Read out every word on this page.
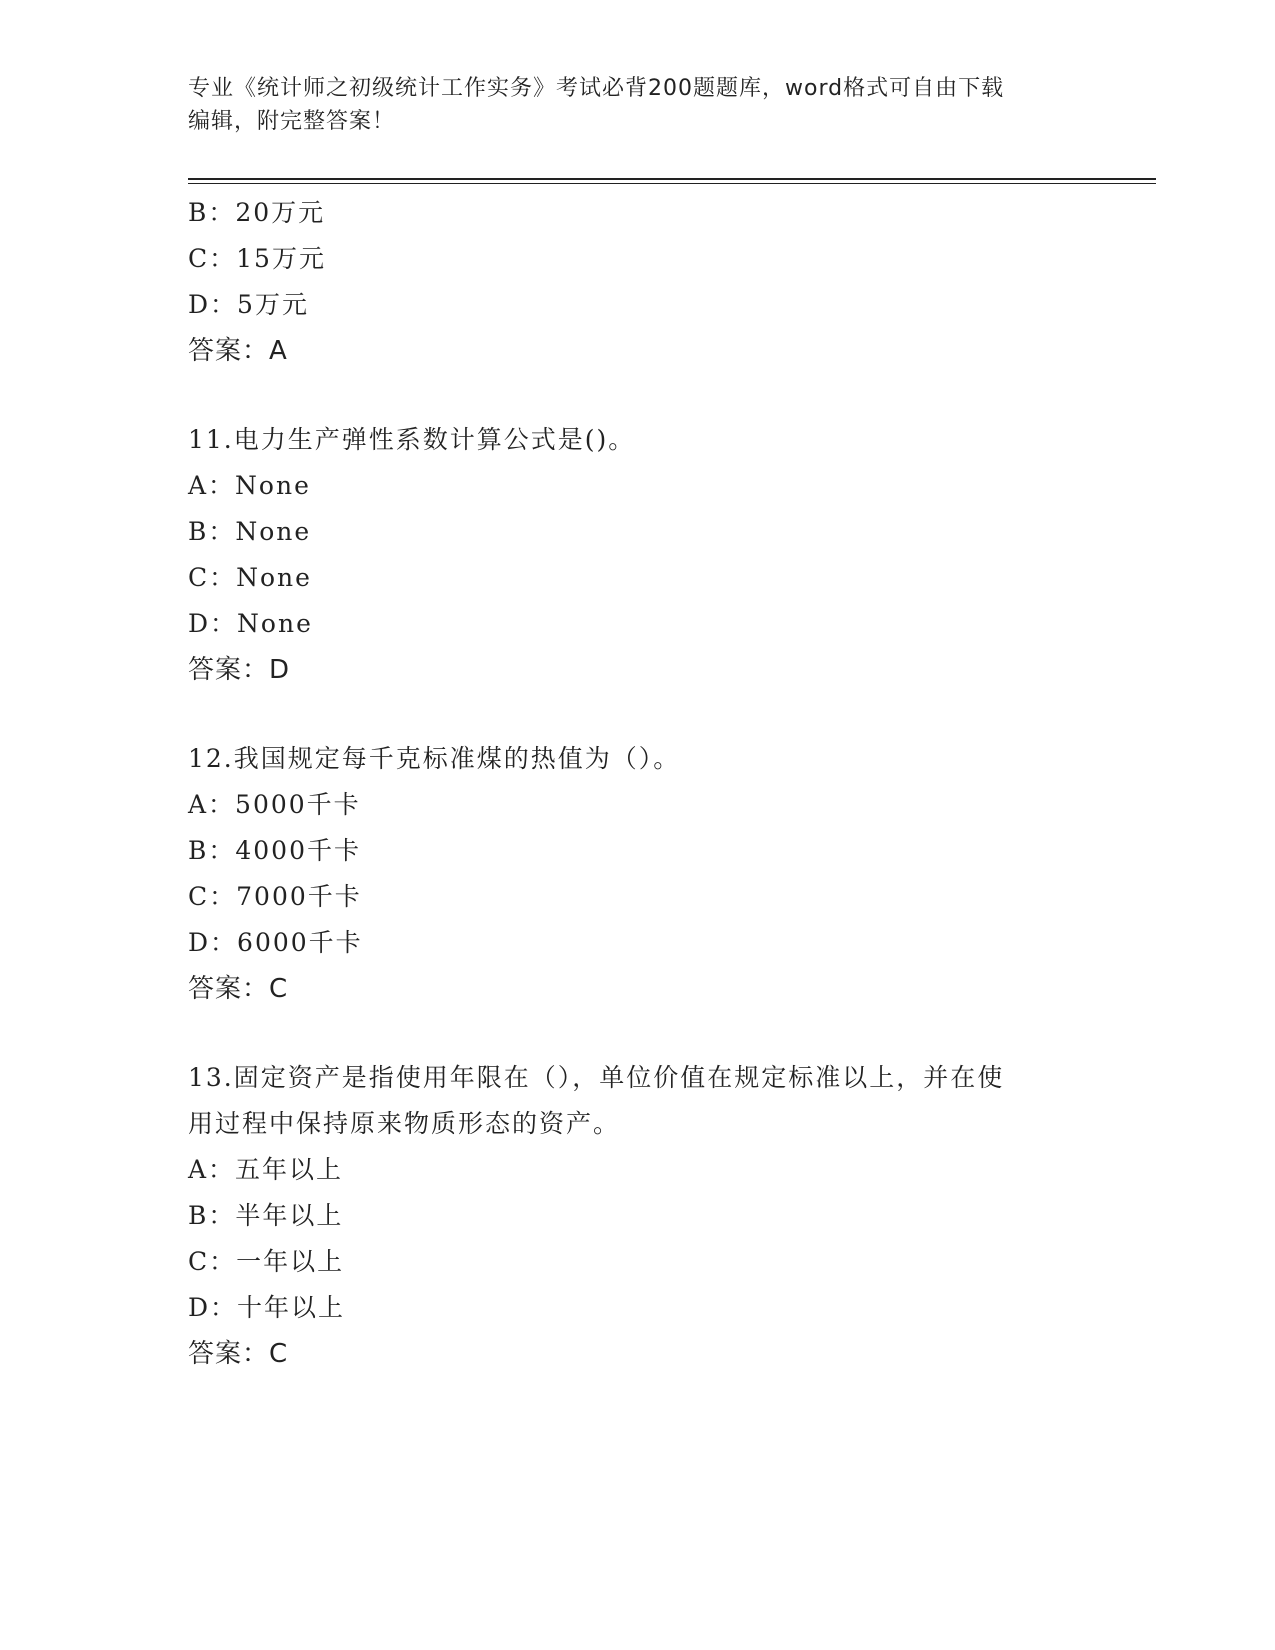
专业《统计师之初级统计工作实务》考试必背200题题库，word格式可自由下载
编辑，附完整答案！
B：20万元
C：15万元
D：5万元
答案：A
11.电力生产弹性系数计算公式是()。
A：None
B：None
C：None
D：None
答案：D
12.我国规定每千克标准煤的热值为（）。
A：5000千卡
B：4000千卡
C：7000千卡
D：6000千卡
答案：C
13.固定资产是指使用年限在（），单位价值在规定标准以上，并在使
用过程中保持原来物质形态的资产。
A：五年以上
B：半年以上
C：一年以上
D：十年以上
答案：C
